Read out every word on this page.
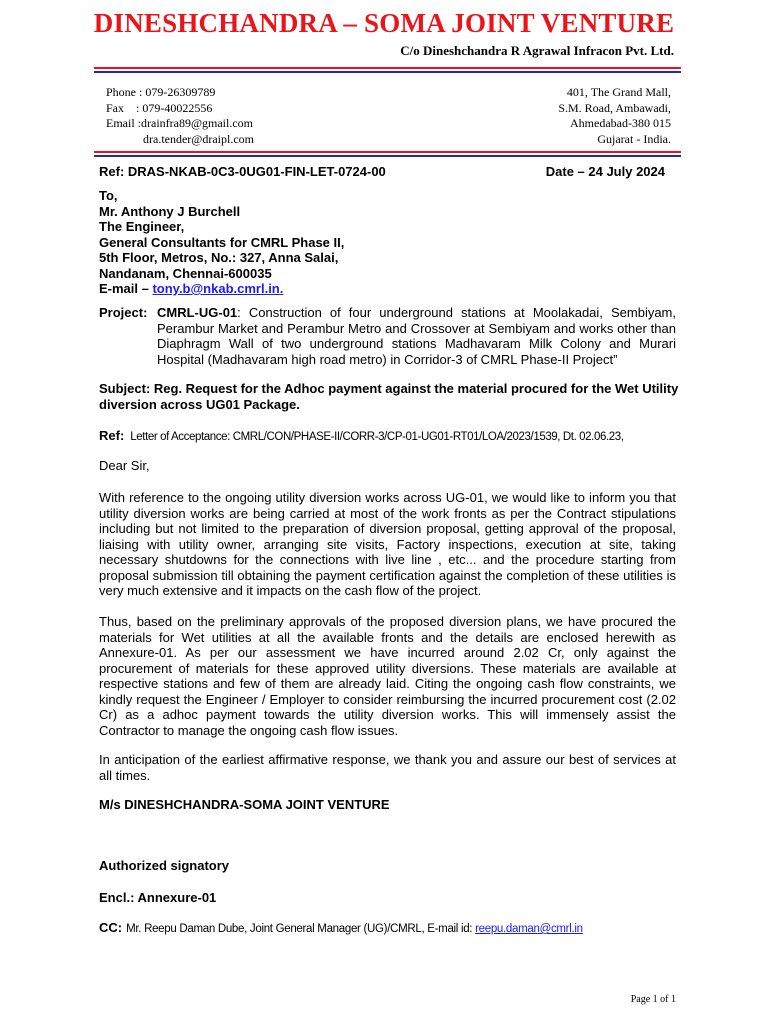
DINESHCHANDRA – SOMA JOINT VENTURE
C/o Dineshchandra R Agrawal Infracon Pvt. Ltd.
Phone : 079-26309789
Fax    : 079-40022556
Email :drainfra89@gmail.com
dra.tender@draipl.com
401, The Grand Mall,
S.M. Road, Ambawadi,
Ahmedabad-380 015
Gujarat - India.
Ref: DRAS-NKAB-0C3-0UG01-FIN-LET-0724-00	Date – 24 July 2024
To,
Mr. Anthony J Burchell
The Engineer,
General Consultants for CMRL Phase II,
5th Floor, Metros, No.: 327, Anna Salai,
Nandanam, Chennai-600035
E-mail – tony.b@nkab.cmrl.in.
Project: CMRL-UG-01: Construction of four underground stations at Moolakadai, Sembiyam, Perambur Market and Perambur Metro and Crossover at Sembiyam and works other than Diaphragm Wall of two underground stations Madhavaram Milk Colony and Murari Hospital (Madhavaram high road metro) in Corridor-3 of CMRL Phase-II Project”
Subject: Reg. Request for the Adhoc payment against the material procured for the Wet Utility diversion across UG01 Package.
Ref: Letter of Acceptance: CMRL/CON/PHASE-II/CORR-3/CP-01-UG01-RT01/LOA/2023/1539, Dt. 02.06.23,
Dear Sir,
With reference to the ongoing utility diversion works across UG-01, we would like to inform you that utility diversion works are being carried at most of the work fronts as per the Contract stipulations including but not limited to the preparation of diversion proposal, getting approval of the proposal, liaising with utility owner, arranging site visits, Factory inspections, execution at site, taking necessary shutdowns for the connections with live line , etc... and the procedure starting from proposal submission till obtaining the payment certification against the completion of these utilities is very much extensive and it impacts on the cash flow of the project.
Thus, based on the preliminary approvals of the proposed diversion plans, we have procured the materials for Wet utilities at all the available fronts and the details are enclosed herewith as Annexure-01. As per our assessment we have incurred around 2.02 Cr, only against the procurement of materials for these approved utility diversions. These materials are available at respective stations and few of them are already laid. Citing the ongoing cash flow constraints, we kindly request the Engineer / Employer to consider reimbursing the incurred procurement cost (2.02 Cr) as a adhoc payment towards the utility diversion works. This will immensely assist the Contractor to manage the ongoing cash flow issues.
In anticipation of the earliest affirmative response, we thank you and assure our best of services at all times.
M/s DINESHCHANDRA-SOMA JOINT VENTURE
Authorized signatory
Encl.: Annexure-01
CC: Mr. Reepu Daman Dube, Joint General Manager (UG)/CMRL, E-mail id: reepu.daman@cmrl.in
Page 1 of 1
